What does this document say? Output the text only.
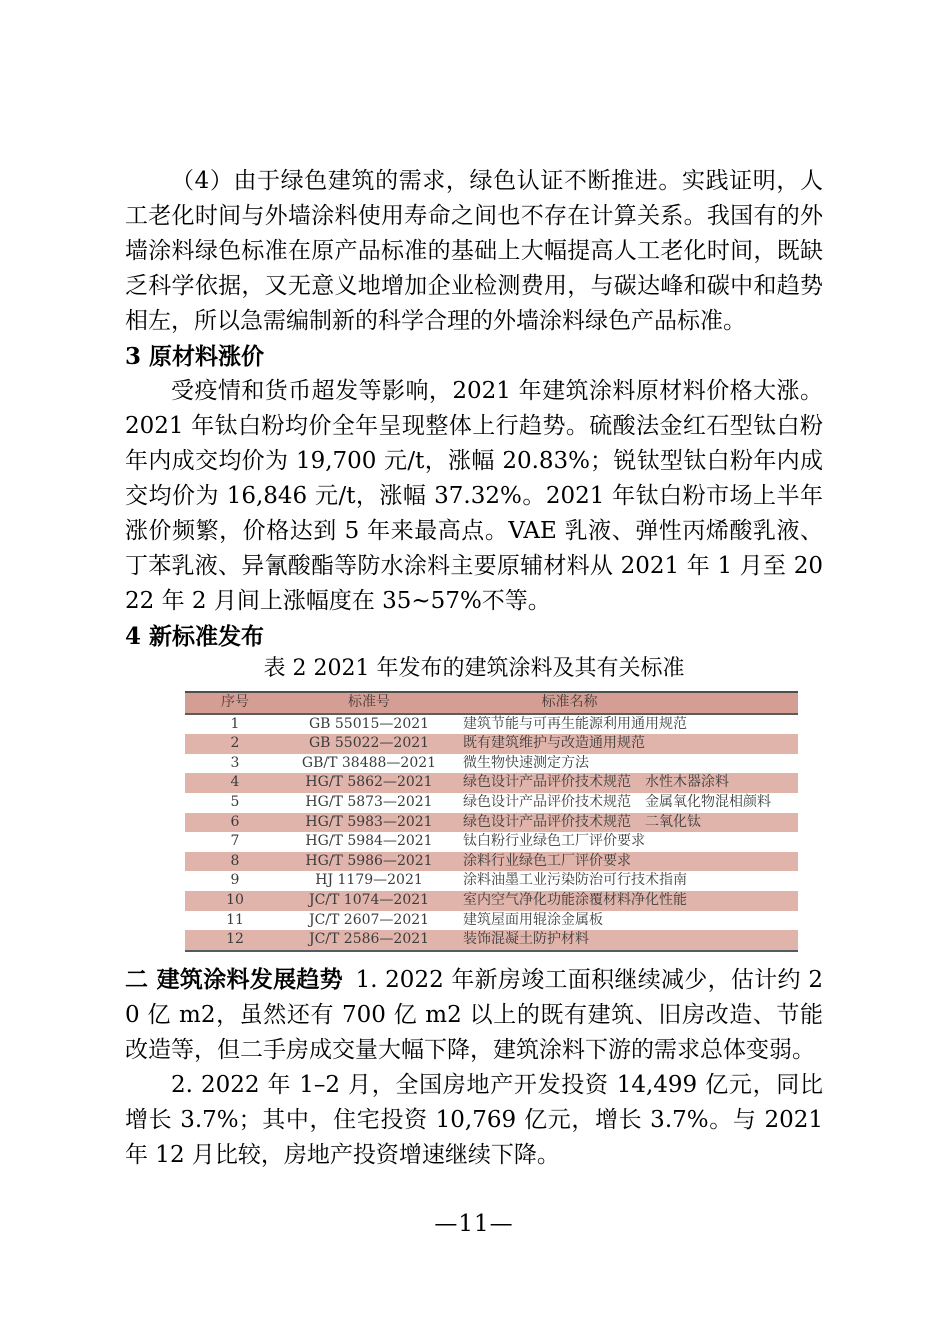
（4）由于绿色建筑的需求，绿色认证不断推进。实践证明，人工老化时间与外墙涂料使用寿命之间也不存在计算关系。我国有的外墙涂料绿色标准在原产品标准的基础上大幅提高人工老化时间，既缺乏科学依据，又无意义地增加企业检测费用，与碳达峰和碳中和趋势相左，所以急需编制新的科学合理的外墙涂料绿色产品标准。

3 原材料涨价

受疫情和货币超发等影响，2021 年建筑涂料原材料价格大涨。2021 年钛白粉均价全年呈现整体上行趋势。硫酸法金红石型钛白粉年内成交均价为 19,700 元/t，涨幅 20.83%；锐钛型钛白粉年内成交均价为 16,846 元/t，涨幅 37.32%。2021 年钛白粉市场上半年涨价频繁，价格达到 5 年来最高点。VAE 乳液、弹性丙烯酸乳液、丁苯乳液、异氰酸酯等防水涂料主要原辅材料从 2021 年 1 月至 2022 年 2 月间上涨幅度在 35~57%不等。

4 新标准发布
表 2 2021 年发布的建筑涂料及其有关标准
序号	标准号	标准名称
1	GB 55015—2021	建筑节能与可再生能源利用通用规范
2	GB 55022—2021	既有建筑维护与改造通用规范
3	GB/T 38488—2021	微生物快速测定方法
4	HG/T 5862—2021	绿色设计产品评价技术规范　水性木器涂料
5	HG/T 5873—2021	绿色设计产品评价技术规范　金属氧化物混相颜料
6	HG/T 5983—2021	绿色设计产品评价技术规范　二氧化钛
7	HG/T 5984—2021	钛白粉行业绿色工厂评价要求
8	HG/T 5986—2021	涂料行业绿色工厂评价要求
9	HJ 1179—2021	涂料油墨工业污染防治可行技术指南
10	JC/T 1074—2021	室内空气净化功能涂覆材料净化性能
11	JC/T 2607—2021	建筑屋面用辊涂金属板
12	JC/T 2586—2021	装饰混凝土防护材料

二 建筑涂料发展趋势 1. 2022 年新房竣工面积继续减少，估计约 20 亿 m2，虽然还有 700 亿 m2 以上的既有建筑、旧房改造、节能改造等，但二手房成交量大幅下降，建筑涂料下游的需求总体变弱。

2. 2022 年 1–2 月，全国房地产开发投资 14,499 亿元，同比增长 3.7%；其中，住宅投资 10,769 亿元，增长 3.7%。与 2021 年 12 月比较，房地产投资增速继续下降。

—11—
